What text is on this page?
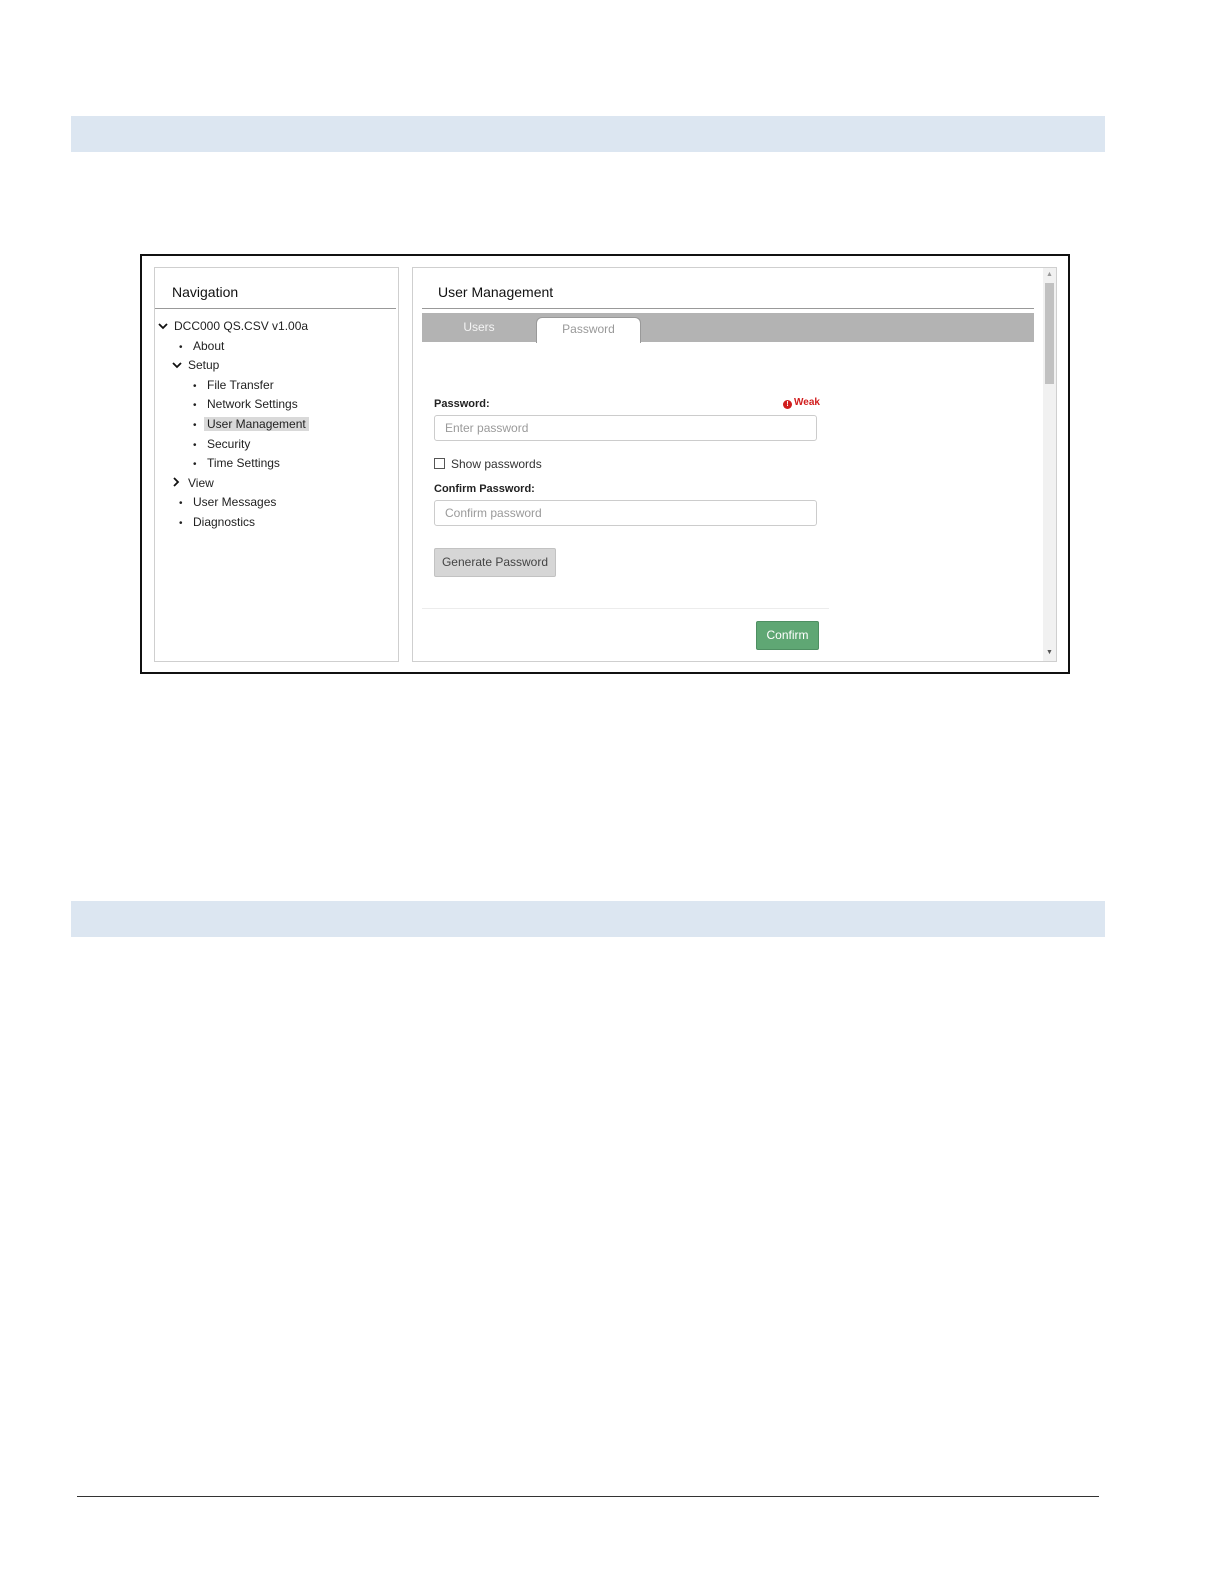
Navigation
DCC000 QS.CSV v1.00a
• About
Setup
• File Transfer
• Network Settings
• User Management
• Security
• Time Settings
View
• User Messages
• Diagnostics
User Management
Users	Password
Password:	! Weak
Show passwords
Confirm Password:
Generate Password
Confirm
▲
▼
